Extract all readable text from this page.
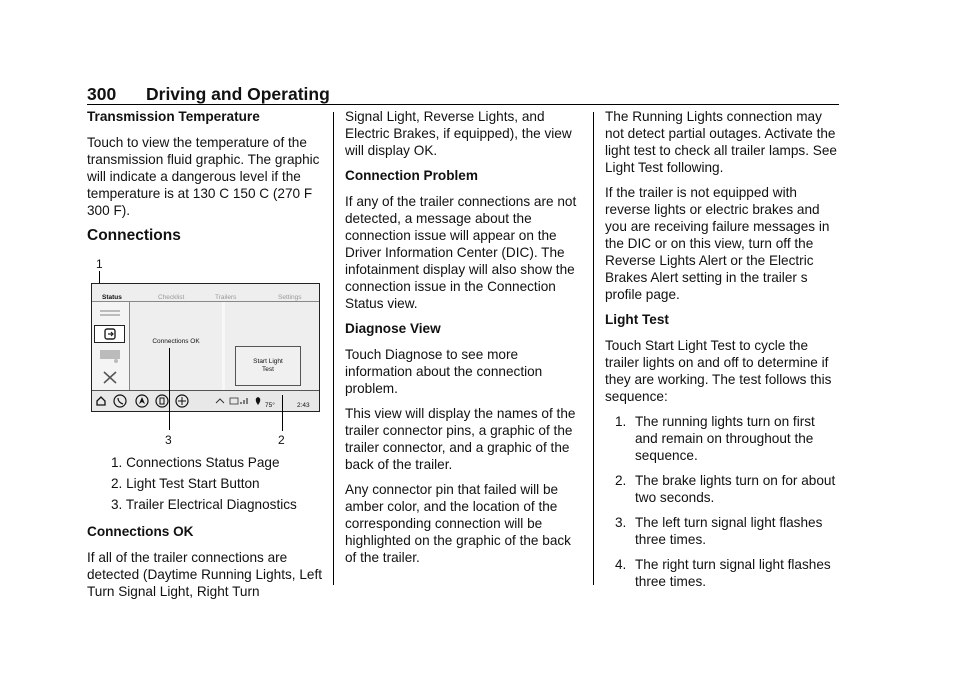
300 Driving and Operating
Transmission Temperature

Touch to view the temperature of the transmission fluid graphic. The graphic will indicate a dangerous level if the temperature is at 130 C 150 C (270 F 300 F).

Connections
1
Status	Checklist	Trailers	Settings
Connections OK
Start Light Test
75°	2:43
3	2
1. Connections Status Page
2. Light Test Start Button
3. Trailer Electrical Diagnostics
Connections OK

If all of the trailer connections are detected (Daytime Running Lights, Left Turn Signal Light, Right Turn

Signal Light, Reverse Lights, and Electric Brakes, if equipped), the view will display OK.

Connection Problem

If any of the trailer connections are not detected, a message about the connection issue will appear on the Driver Information Center (DIC). The infotainment display will also show the connection issue in the Connection Status view.

Diagnose View

Touch Diagnose to see more information about the connection problem.

This view will display the names of the trailer connector pins, a graphic of the trailer connector, and a graphic of the back of the trailer.

Any connector pin that failed will be amber color, and the location of the corresponding connection will be highlighted on the graphic of the back of the trailer.

The Running Lights connection may not detect partial outages. Activate the light test to check all trailer lamps. See Light Test following.

If the trailer is not equipped with reverse lights or electric brakes and you are receiving failure messages in the DIC or on this view, turn off the Reverse Lights Alert or the Electric Brakes Alert setting in the trailer s profile page.

Light Test

Touch Start Light Test to cycle the trailer lights on and off to determine if they are working. The test follows this sequence:

1. The running lights turn on first and remain on throughout the sequence.
2. The brake lights turn on for about two seconds.
3. The left turn signal light flashes three times.
4. The right turn signal light flashes three times.
